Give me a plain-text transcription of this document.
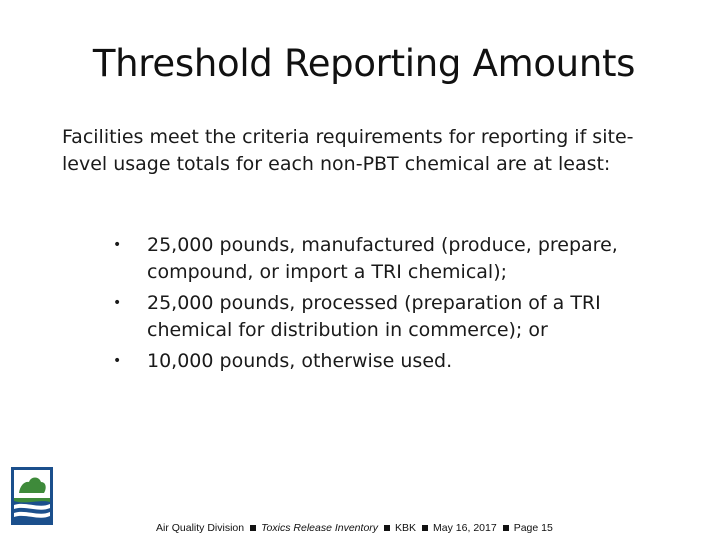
Threshold Reporting Amounts

Facilities meet the criteria requirements for reporting if site-level usage totals for each non-PBT chemical are at least:

• 25,000 pounds, manufactured (produce, prepare, compound, or import a TRI chemical);
• 25,000 pounds, processed (preparation of a TRI chemical for distribution in commerce); or
• 10,000 pounds, otherwise used.
Air Quality Division Toxics Release Inventory KBK May 16, 2017 Page 15
